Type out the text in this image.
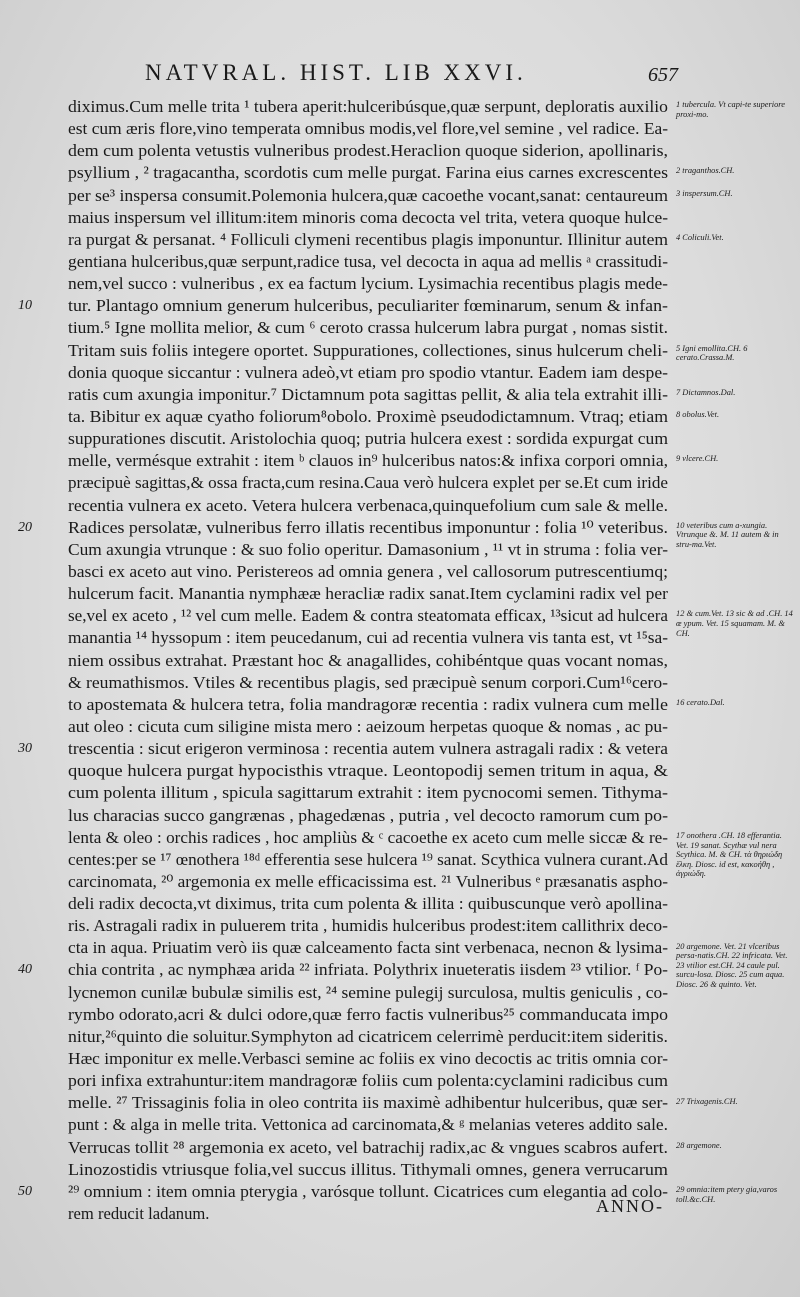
NATVRAL. HIST. LIB XXVI.	657
diximus.Cum melle trita ¹ tubera aperit:hulceribúsque,quæ serpunt, deploratis auxilio
est cum æris flore,vino temperata omnibus modis,vel flore,vel semine , vel radice. Ea-
dem cum polenta vetustis vulneribus prodest.Heraclion quoque siderion, apollinaris,
psyllium , ² tragacantha, scordotis cum melle purgat. Farina eius carnes excrescentes
per se³ inspersa consumit.Polemonia hulcera,quæ cacoethe vocant,sanat: centaureum
maius inspersum vel illitum:item minoris coma decocta vel trita, vetera quoque hulce-
ra purgat & persanat. ⁴ Folliculi clymeni recentibus plagis imponuntur. Illinitur autem
gentiana hulceribus,quæ serpunt,radice tusa, vel decocta in aqua ad mellis ᵃ crassitudi-
nem,vel succo : vulneribus , ex ea factum lycium. Lysimachia recentibus plagis mede-
10	tur. Plantago omnium generum hulceribus, peculiariter fœminarum, senum & infan-
tium.⁵ Igne mollita melior, & cum ⁶ ceroto crassa hulcerum labra purgat , nomas sistit.
Tritam suis foliis integere oportet. Suppurationes, collectiones, sinus hulcerum cheli-
donia quoque siccantur : vulnera adeò,vt etiam pro spodio vtantur. Eadem iam despe-
ratis cum axungia imponitur.⁷ Dictamnum pota sagittas pellit, & alia tela extrahit illi-
ta. Bibitur ex aquæ cyatho foliorum⁸obolo. Proximè pseudodictamnum. Vtraq; etiam
suppurationes discutit. Aristolochia quoq; putria hulcera exest : sordida expurgat cum
melle, vermésque extrahit : item ᵇ clauos in⁹ hulceribus natos:& infixa corpori omnia,
præcipuè sagittas,& ossa fracta,cum resina.Caua verò hulcera explet per se.Et cum iride
recentia vulnera ex aceto. Vetera hulcera verbenaca,quinquefolium cum sale & melle.
20	Radices persolatæ, vulneribus ferro illatis recentibus imponuntur : folia ¹⁰ veteribus.
Cum axungia vtrunque : & suo folio operitur. Damasonium , ¹¹ vt in struma : folia ver-
basci ex aceto aut vino. Peristereos ad omnia genera , vel callosorum putrescentiumq;
hulcerum facit. Manantia nymphææ heracliæ radix sanat.Item cyclamini radix vel per
se,vel ex aceto , ¹² vel cum melle. Eadem & contra steatomata efficax, ¹³sicut ad hulcera
manantia ¹⁴ hyssopum : item peucedanum, cui ad recentia vulnera vis tanta est, vt ¹⁵sa-
niem ossibus extrahat. Præstant hoc & anagallides, cohibéntque quas vocant nomas,
& reumathismos. Vtiles & recentibus plagis, sed præcipuè senum corpori.Cum¹⁶cero-
to apostemata & hulcera tetra, folia mandragoræ recentia : radix vulnera cum melle
aut oleo : cicuta cum siligine mista mero : aeizoum herpetas quoque & nomas , ac pu-
30	trescentia : sicut erigeron verminosa : recentia autem vulnera astragali radix : & vetera
quoque hulcera purgat hypocisthis vtraque. Leontopodij semen tritum in aqua, &
cum polenta illitum , spicula sagittarum extrahit : item pycnocomi semen. Tithyma-
lus characias succo gangrænas , phagedænas , putria , vel decocto ramorum cum po-
lenta & oleo : orchis radices , hoc ampliùs & ᶜ cacoethe ex aceto cum melle siccæ & re-
centes:per se ¹⁷ œnothera ¹⁸ᵈ efferentia sese hulcera ¹⁹ sanat. Scythica vulnera curant.Ad
carcinomata, ²⁰ argemonia ex melle efficacissima est. ²¹ Vulneribus ᵉ præsanatis aspho-
deli radix decocta,vt diximus, trita cum polenta & illita : quibuscunque verò apollina-
ris. Astragali radix in puluerem trita , humidis hulceribus prodest:item callithrix deco-
cta in aqua. Priuatim verò iis quæ calceamento facta sint verbenaca, necnon & lysima-
40	chia contrita , ac nymphæa arida ²² infriata. Polythrix inueteratis iisdem ²³ vtilior. ᶠ Po-
lycnemon cunilæ bubulæ similis est, ²⁴ semine pulegij surculosa, multis geniculis , co-
rymbo odorato,acri & dulci odore,quæ ferro factis vulneribus²⁵ commanducata impo
nitur,²⁶quinto die soluitur.Symphyton ad cicatricem celerrimè perducit:item sideritis.
Hæc imponitur ex melle.Verbasci semine ac foliis ex vino decoctis ac tritis omnia cor-
pori infixa extrahuntur:item mandragoræ foliis cum polenta:cyclamini radicibus cum
melle. ²⁷ Trissaginis folia in oleo contrita iis maximè adhibentur hulceribus, quæ ser-
punt : & alga in melle trita. Vettonica ad carcinomata,& ᵍ melanias veteres addito sale.
Verrucas tollit ²⁸ argemonia ex aceto, vel batrachij radix,ac & vngues scabros aufert.
Linozostidis vtriusque folia,vel succus illitus. Tithymali omnes, genera verrucarum
50	²⁹ omnium : item omnia pterygia , varósque tollunt. Cicatrices cum elegantia ad colo-
rem reducit ladanum.
1 tubercula. Vt capi-te superiore proxi-mo.
2 traganthos.CH.
3 inspersum.CH.
4 Coliculi.Vet.
5 Igni emollita.CH. 6 cerato.Crassa.M.
7 Dictamnos.Dal.
8 obolus.Vet.
9 vlcere.CH.
10 veteribus cum a-xungia. Vtrunque &. M. 11 autem & in stru-ma.Vet.
12 & cum.Vet. 13 sic & ad .CH. 14 œ ypum. Vet. 15 squamam. M. & CH.
16 cerato.Dal.
17 onothera .CH. 18 efferantia. Vet. 19 sanat. Scythæ vul nera Scythica. M. & CH. τὰ θηριώδη ἕλκη. Diosc. id est, κακοήθη , ἀγριώδη.
20 argemone. Vet. 21 vlceribus persa-natis.CH. 22 infricata. Vet. 23 vtilior est.CH. 24 caule pul. surcu-losa. Diosc. 25 cum aqua. Diosc. 26 & quinto. Vet.
27 Trixagenis.CH.
28 argemone.
29 omnia:item ptery gia,varos toll.&c.CH.
ANNO-
